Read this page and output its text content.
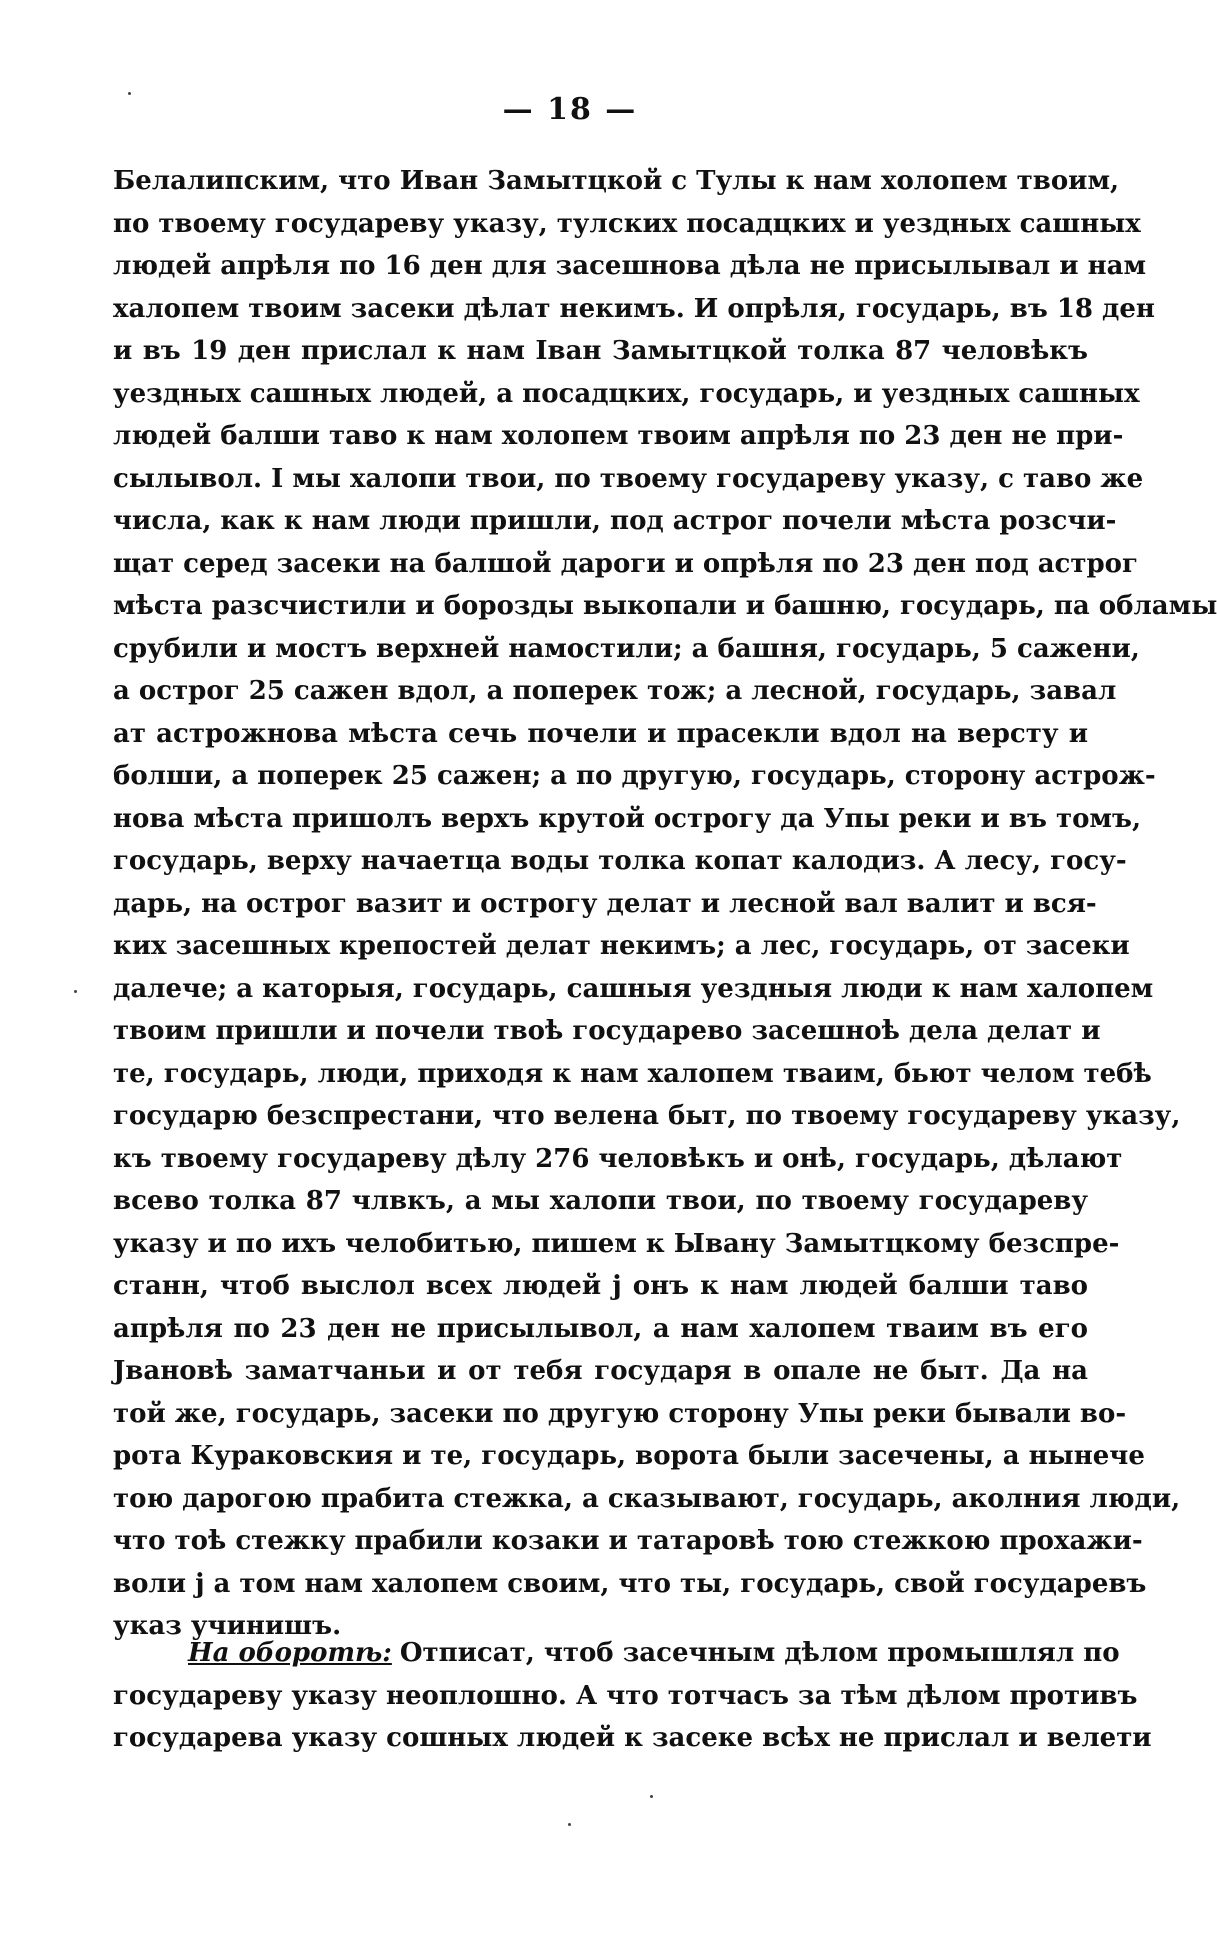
— 18 —
Белалипским, что Иван Замытцкой с Тулы к нам холопем твоим,
по твоему государеву указу, тулских посадцких и уездных сашных
людей апрѣля по 16 ден для засешнова дѣла не присылывал и нам
халопем твоим засеки дѣлат некимъ. И опрѣля, государь, въ 18 ден
и въ 19 ден прислал к нам Іван Замытцкой толка 87 человѣкъ
уездных сашных людей, а посадцких, государь, и уездных сашных
людей балши таво к нам холопем твоим апрѣля по 23 ден не при-
сылывол. І мы халопи твои, по твоему государеву указу, с таво же
числа, как к нам люди пришли, под астрог почели мѣста розсчи-
щат серед засеки на балшой дароги и опрѣля по 23 ден под астрог
мѣста разсчистили и борозды выкопали и башню, государь, па обламы
срубили и мостъ верхней намостили; а башня, государь, 5 сажени,
а острог 25 сажен вдол, а поперек тож; а лесной, государь, завал
ат астрожнова мѣста сечь почели и прасекли вдол на версту и
болши, а поперек 25 сажен; а по другую, государь, сторону астрож-
нова мѣста пришолъ верхъ крутой острогу да Упы реки и въ томъ,
государь, верху начаетца воды толка копат калодиз. А лесу, госу-
дарь, на острог вазит и острогу делат и лесной вал валит и вся-
ких засешных крепостей делат некимъ; а лес, государь, от засеки
далече; а каторыя, государь, сашныя уездныя люди к нам халопем
твоим пришли и почели твоѣ государево засешноѣ дела делат и
те, государь, люди, приходя к нам халопем тваим, бьют челом тебѣ
государю безспрестани, что велена быт, по твоему государеву указу,
къ твоему государеву дѣлу 276 человѣкъ и онѣ, государь, дѣлают
всево толка 87 члвкъ, а мы халопи твои, по твоему государеву
указу и по ихъ челобитью, пишем к Ывану Замытцкому безспре-
станн, чтоб выслол всех людей ј онъ к нам людей балши таво
апрѣля по 23 ден не присылывол, а нам халопем тваим въ его
Јвановѣ заматчаньи и от тебя государя в опале не быт. Да на
той же, государь, засеки по другую сторону Упы реки бывали во-
рота Кураковския и те, государь, ворота были засечены, а нынече
тою дарогою прабита стежка, а сказывают, государь, аколния люди,
что тоѣ стежку прабили козаки и татаровѣ тою стежкою прохажи-
воли ј а том нам халопем своим, что ты, государь, свой государевъ
указ учинишъ.
На оборотѣ: Отписат, чтоб засечным дѣлом промышлял по
государеву указу неоплошно. А что тотчасъ за тѣм дѣлом противъ
государева указу сошных людей к засеке всѣх не прислал и велети
